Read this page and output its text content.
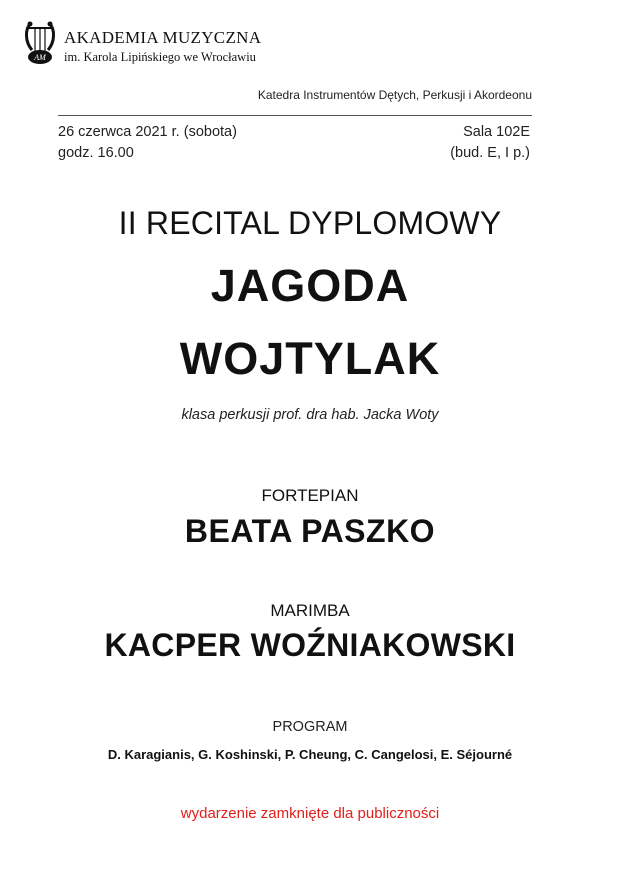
AM
AKADEMIA MUZYCZNA
im. Karola Lipińskiego we Wrocławiu
Katedra Instrumentów Dętych, Perkusji i Akordeonu
26 czerwca 2021 r. (sobota)
godz. 16.00
Sala 102E
(bud. E, I p.)
II RECITAL DYPLOMOWY
JAGODA
WOJTYLAK
klasa perkusji prof. dra hab. Jacka Woty
FORTEPIAN
BEATA PASZKO
MARIMBA
KACPER WOŹNIAKOWSKI
PROGRAM
D. Karagianis, G. Koshinski, P. Cheung, C. Cangelosi, E. Séjourné
wydarzenie zamknięte dla publiczności
